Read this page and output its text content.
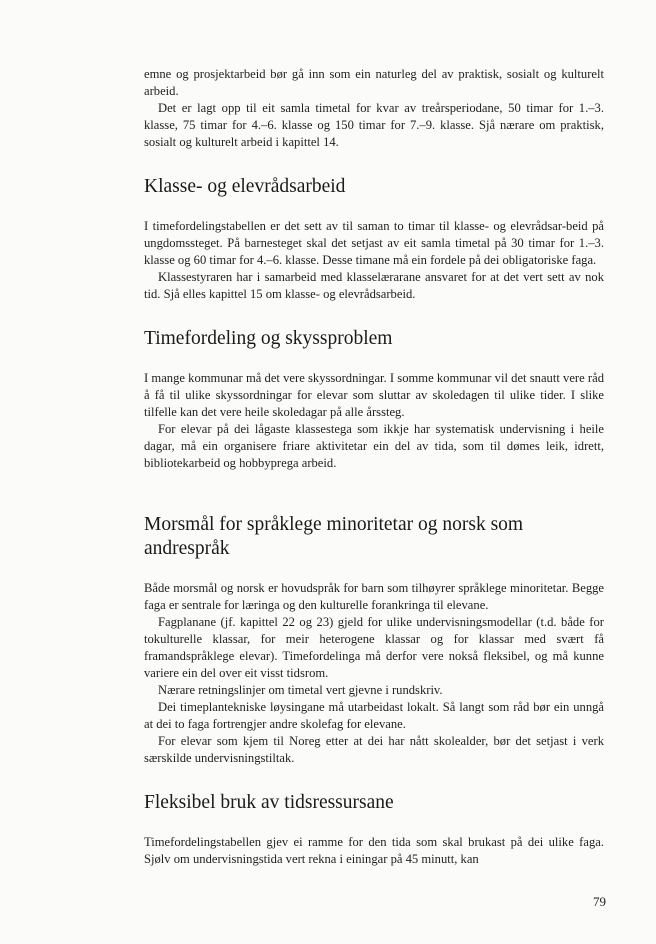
emne og prosjektarbeid bør gå inn som ein naturleg del av praktisk, sosialt og kulturelt arbeid.

Det er lagt opp til eit samla timetal for kvar av treårsperiodane, 50 timar for 1.–3. klasse, 75 timar for 4.–6. klasse og 150 timar for 7.–9. klasse. Sjå nærare om praktisk, sosialt og kulturelt arbeid i kapittel 14.

Klasse- og elevrådsarbeid

I timefordelingstabellen er det sett av til saman to timar til klasse- og elevrådsar-beid på ungdomssteget. På barnesteget skal det setjast av eit samla timetal på 30 timar for 1.–3. klasse og 60 timar for 4.–6. klasse. Desse timane må ein fordele på dei obligatoriske faga.

Klassestyraren har i samarbeid med klasselærarane ansvaret for at det vert sett av nok tid. Sjå elles kapittel 15 om klasse- og elevrådsarbeid.

Timefordeling og skyssproblem

I mange kommunar må det vere skyssordningar. I somme kommunar vil det snautt vere råd å få til ulike skyssordningar for elevar som sluttar av skoledagen til ulike tider. I slike tilfelle kan det vere heile skoledagar på alle årssteg.

For elevar på dei lågaste klassestega som ikkje har systematisk undervisning i heile dagar, må ein organisere friare aktivitetar ein del av tida, som til dømes leik, idrett, bibliotekarbeid og hobbyprega arbeid.

Morsmål for språklege minoritetar og norsk som andrespråk

Både morsmål og norsk er hovudspråk for barn som tilhøyrer språklege minoritetar. Begge faga er sentrale for læringa og den kulturelle forankringa til elevane.

Fagplanane (jf. kapittel 22 og 23) gjeld for ulike undervisningsmodellar (t.d. både for tokulturelle klassar, for meir heterogene klassar og for klassar med svært få framandspråklege elevar). Timefordelinga må derfor vere nokså fleksibel, og må kunne variere ein del over eit visst tidsrom.

Nærare retningslinjer om timetal vert gjevne i rundskriv.

Dei timeplantekniske løysingane må utarbeidast lokalt. Så langt som råd bør ein unngå at dei to faga fortrengjer andre skolefag for elevane.

For elevar som kjem til Noreg etter at dei har nått skolealder, bør det setjast i verk særskilde undervisningstiltak.

Fleksibel bruk av tidsressursane

Timefordelingstabellen gjev ei ramme for den tida som skal brukast på dei ulike faga. Sjølv om undervisningstida vert rekna i einingar på 45 minutt, kan

79
